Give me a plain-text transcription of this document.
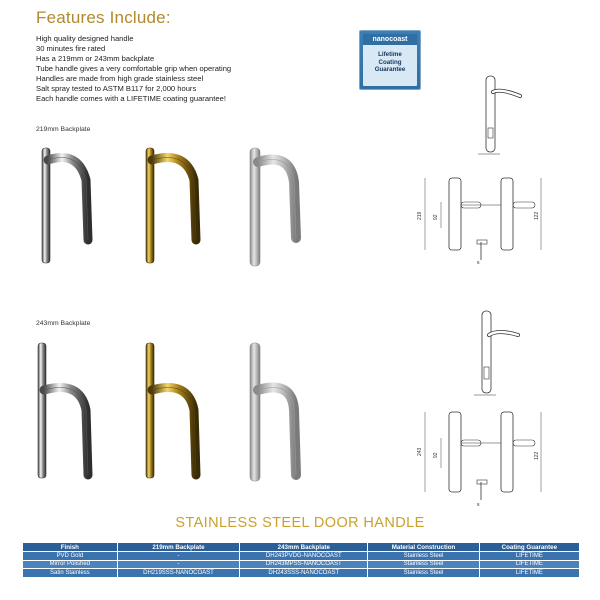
Features Include:
High quality designed handle
30 minutes fire rated
Has a 219mm or 243mm backplate
Tube handle gives a very comfortable grip when operating
Handles are made from high grade stainless steel
Salt spray tested to ASTM B117 for 2,000 hours
Each handle comes with a LIFETIME coating guarantee!
nanocoast
Lifetime
Coating
Guarantee
219mm Backplate
243mm Backplate
219 92	122
8
243 92	122
8
STAINLESS STEEL DOOR HANDLE
Finish	219mm Backplate	243mm Backplate	Material Construction	Coating Guarantee
PVD Gold	-	DH243PVDG-NANOCOAST	Stainless Steel	LIFETIME
Mirror Polished	-	DH243MPSS-NANOCOAST	Stainless Steel	LIFETIME
Satin Stainless	DH219SSS-NANOCOAST	DH243SSS-NANOCOAST	Stainless Steel	LIFETIME
